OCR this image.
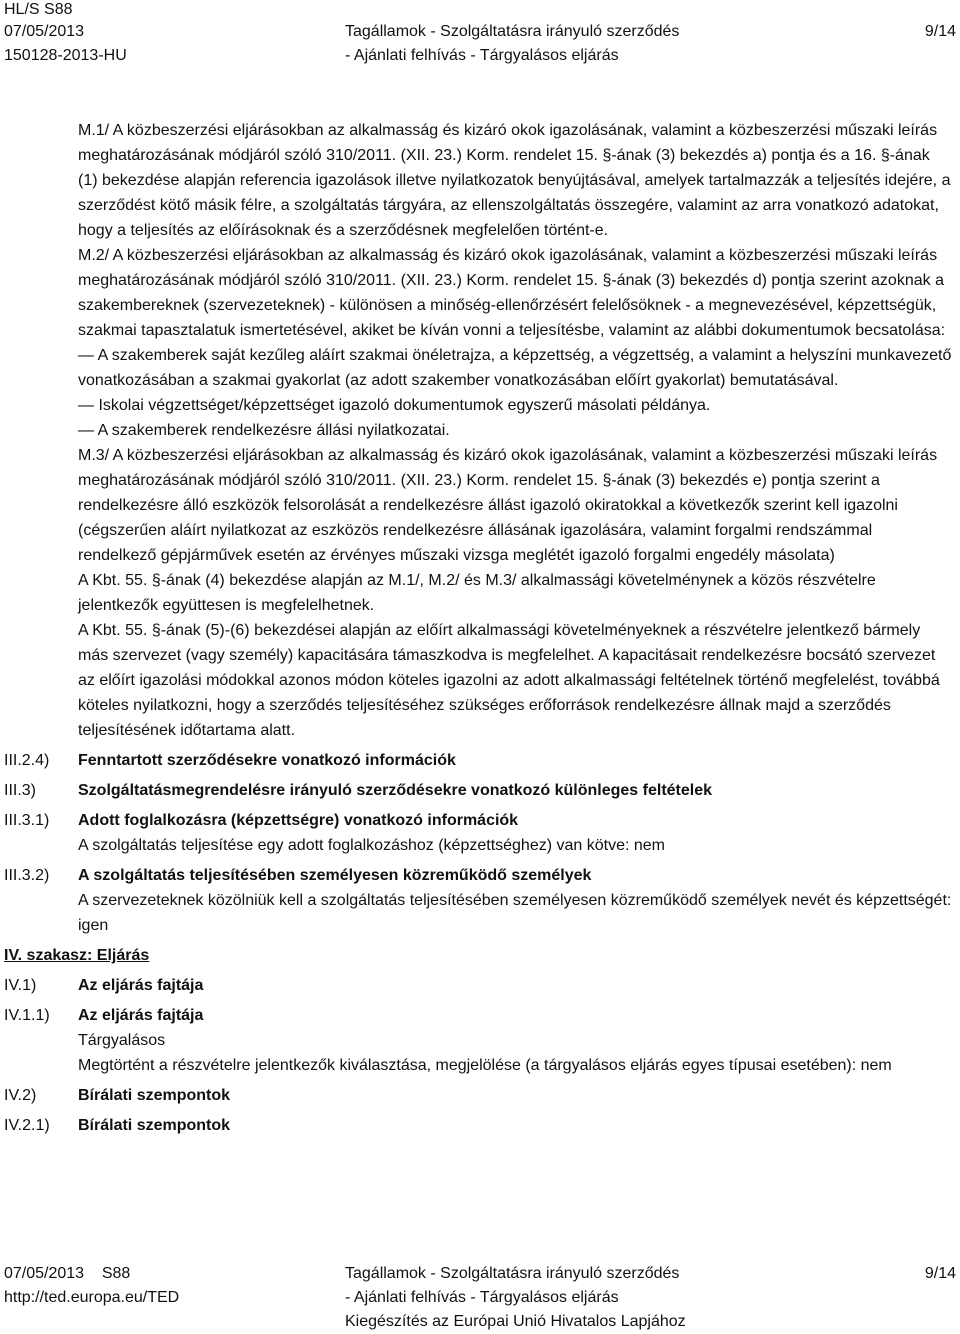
HL/S S88
07/05/2013
150128-2013-HU
Tagállamok - Szolgáltatásra irányuló szerződés
- Ajánlati felhívás - Tárgyalásos eljárás
9/14
M.1/ A közbeszerzési eljárásokban az alkalmasság és kizáró okok igazolásának, valamint a közbeszerzési műszaki leírás meghatározásának módjáról szóló 310/2011. (XII. 23.) Korm. rendelet 15. §-ának (3) bekezdés a) pontja és a 16. §-ának (1) bekezdése alapján referencia igazolások illetve nyilatkozatok benyújtásával, amelyek tartalmazzák a teljesítés idejére, a szerződést kötő másik félre, a szolgáltatás tárgyára, az ellenszolgáltatás összegére, valamint az arra vonatkozó adatokat, hogy a teljesítés az előírásoknak és a szerződésnek megfelelően történt-e.
M.2/ A közbeszerzési eljárásokban az alkalmasság és kizáró okok igazolásának, valamint a közbeszerzési műszaki leírás meghatározásának módjáról szóló 310/2011. (XII. 23.) Korm. rendelet 15. §-ának (3) bekezdés d) pontja szerint azoknak a szakembereknek (szervezeteknek) - különösen a minőség-ellenőrzésért felelősöknek - a megnevezésével, képzettségük, szakmai tapasztalatuk ismertetésével, akiket be kíván vonni a teljesítésbe, valamint az alábbi dokumentumok becsatolása:
— A szakemberek saját kezűleg aláírt szakmai önéletrajza, a képzettség, a végzettség, a valamint a helyszíni munkavezető vonatkozásában a szakmai gyakorlat (az adott szakember vonatkozásában előírt gyakorlat) bemutatásával.
— Iskolai végzettséget/képzettséget igazoló dokumentumok egyszerű másolati példánya.
— A szakemberek rendelkezésre állási nyilatkozatai.
M.3/ A közbeszerzési eljárásokban az alkalmasság és kizáró okok igazolásának, valamint a közbeszerzési műszaki leírás meghatározásának módjáról szóló 310/2011. (XII. 23.) Korm. rendelet 15. §-ának (3) bekezdés e) pontja szerint a rendelkezésre álló eszközök felsorolását a rendelkezésre állást igazoló okiratokkal a következők szerint kell igazolni (cégszerűen aláírt nyilatkozat az eszközös rendelkezésre állásának igazolására, valamint forgalmi rendszámmal rendelkező gépjárművek esetén az érvényes műszaki vizsga meglétét igazoló forgalmi engedély másolata)
A Kbt. 55. §-ának (4) bekezdése alapján az M.1/, M.2/ és M.3/ alkalmassági követelménynek a közös részvételre jelentkezők együttesen is megfelelhetnek.
A Kbt. 55. §-ának (5)-(6) bekezdései alapján az előírt alkalmassági követelményeknek a részvételre jelentkező bármely más szervezet (vagy személy) kapacitására támaszkodva is megfelelhet. A kapacitásait rendelkezésre bocsátó szervezet az előírt igazolási módokkal azonos módon köteles igazolni az adott alkalmassági feltételnek történő megfelelést, továbbá köteles nyilatkozni, hogy a szerződés teljesítéséhez szükséges erőforrások rendelkezésre állnak majd a szerződés teljesítésének időtartama alatt.
III.2.4)	Fenntartott szerződésekre vonatkozó információk
III.3)	Szolgáltatásmegrendelésre irányuló szerződésekre vonatkozó különleges feltételek
III.3.1)	Adott foglalkozásra (képzettségre) vonatkozó információk
A szolgáltatás teljesítése egy adott foglalkozáshoz (képzettséghez) van kötve: nem
III.3.2)	A szolgáltatás teljesítésében személyesen közreműködő személyek
A szervezeteknek közölniük kell a szolgáltatás teljesítésében személyesen közreműködő személyek nevét és képzettségét: igen
IV. szakasz: Eljárás
IV.1)	Az eljárás fajtája
IV.1.1)	Az eljárás fajtája
Tárgyalásos
Megtörtént a részvételre jelentkezők kiválasztása, megjelölése (a tárgyalásos eljárás egyes típusai esetében): nem
IV.2)	Bírálati szempontok
IV.2.1)	Bírálati szempontok
07/05/2013 S88
http://ted.europa.eu/TED
Tagállamok - Szolgáltatásra irányuló szerződés
- Ajánlati felhívás - Tárgyalásos eljárás
Kiegészítés az Európai Unió Hivatalos Lapjához
9/14
